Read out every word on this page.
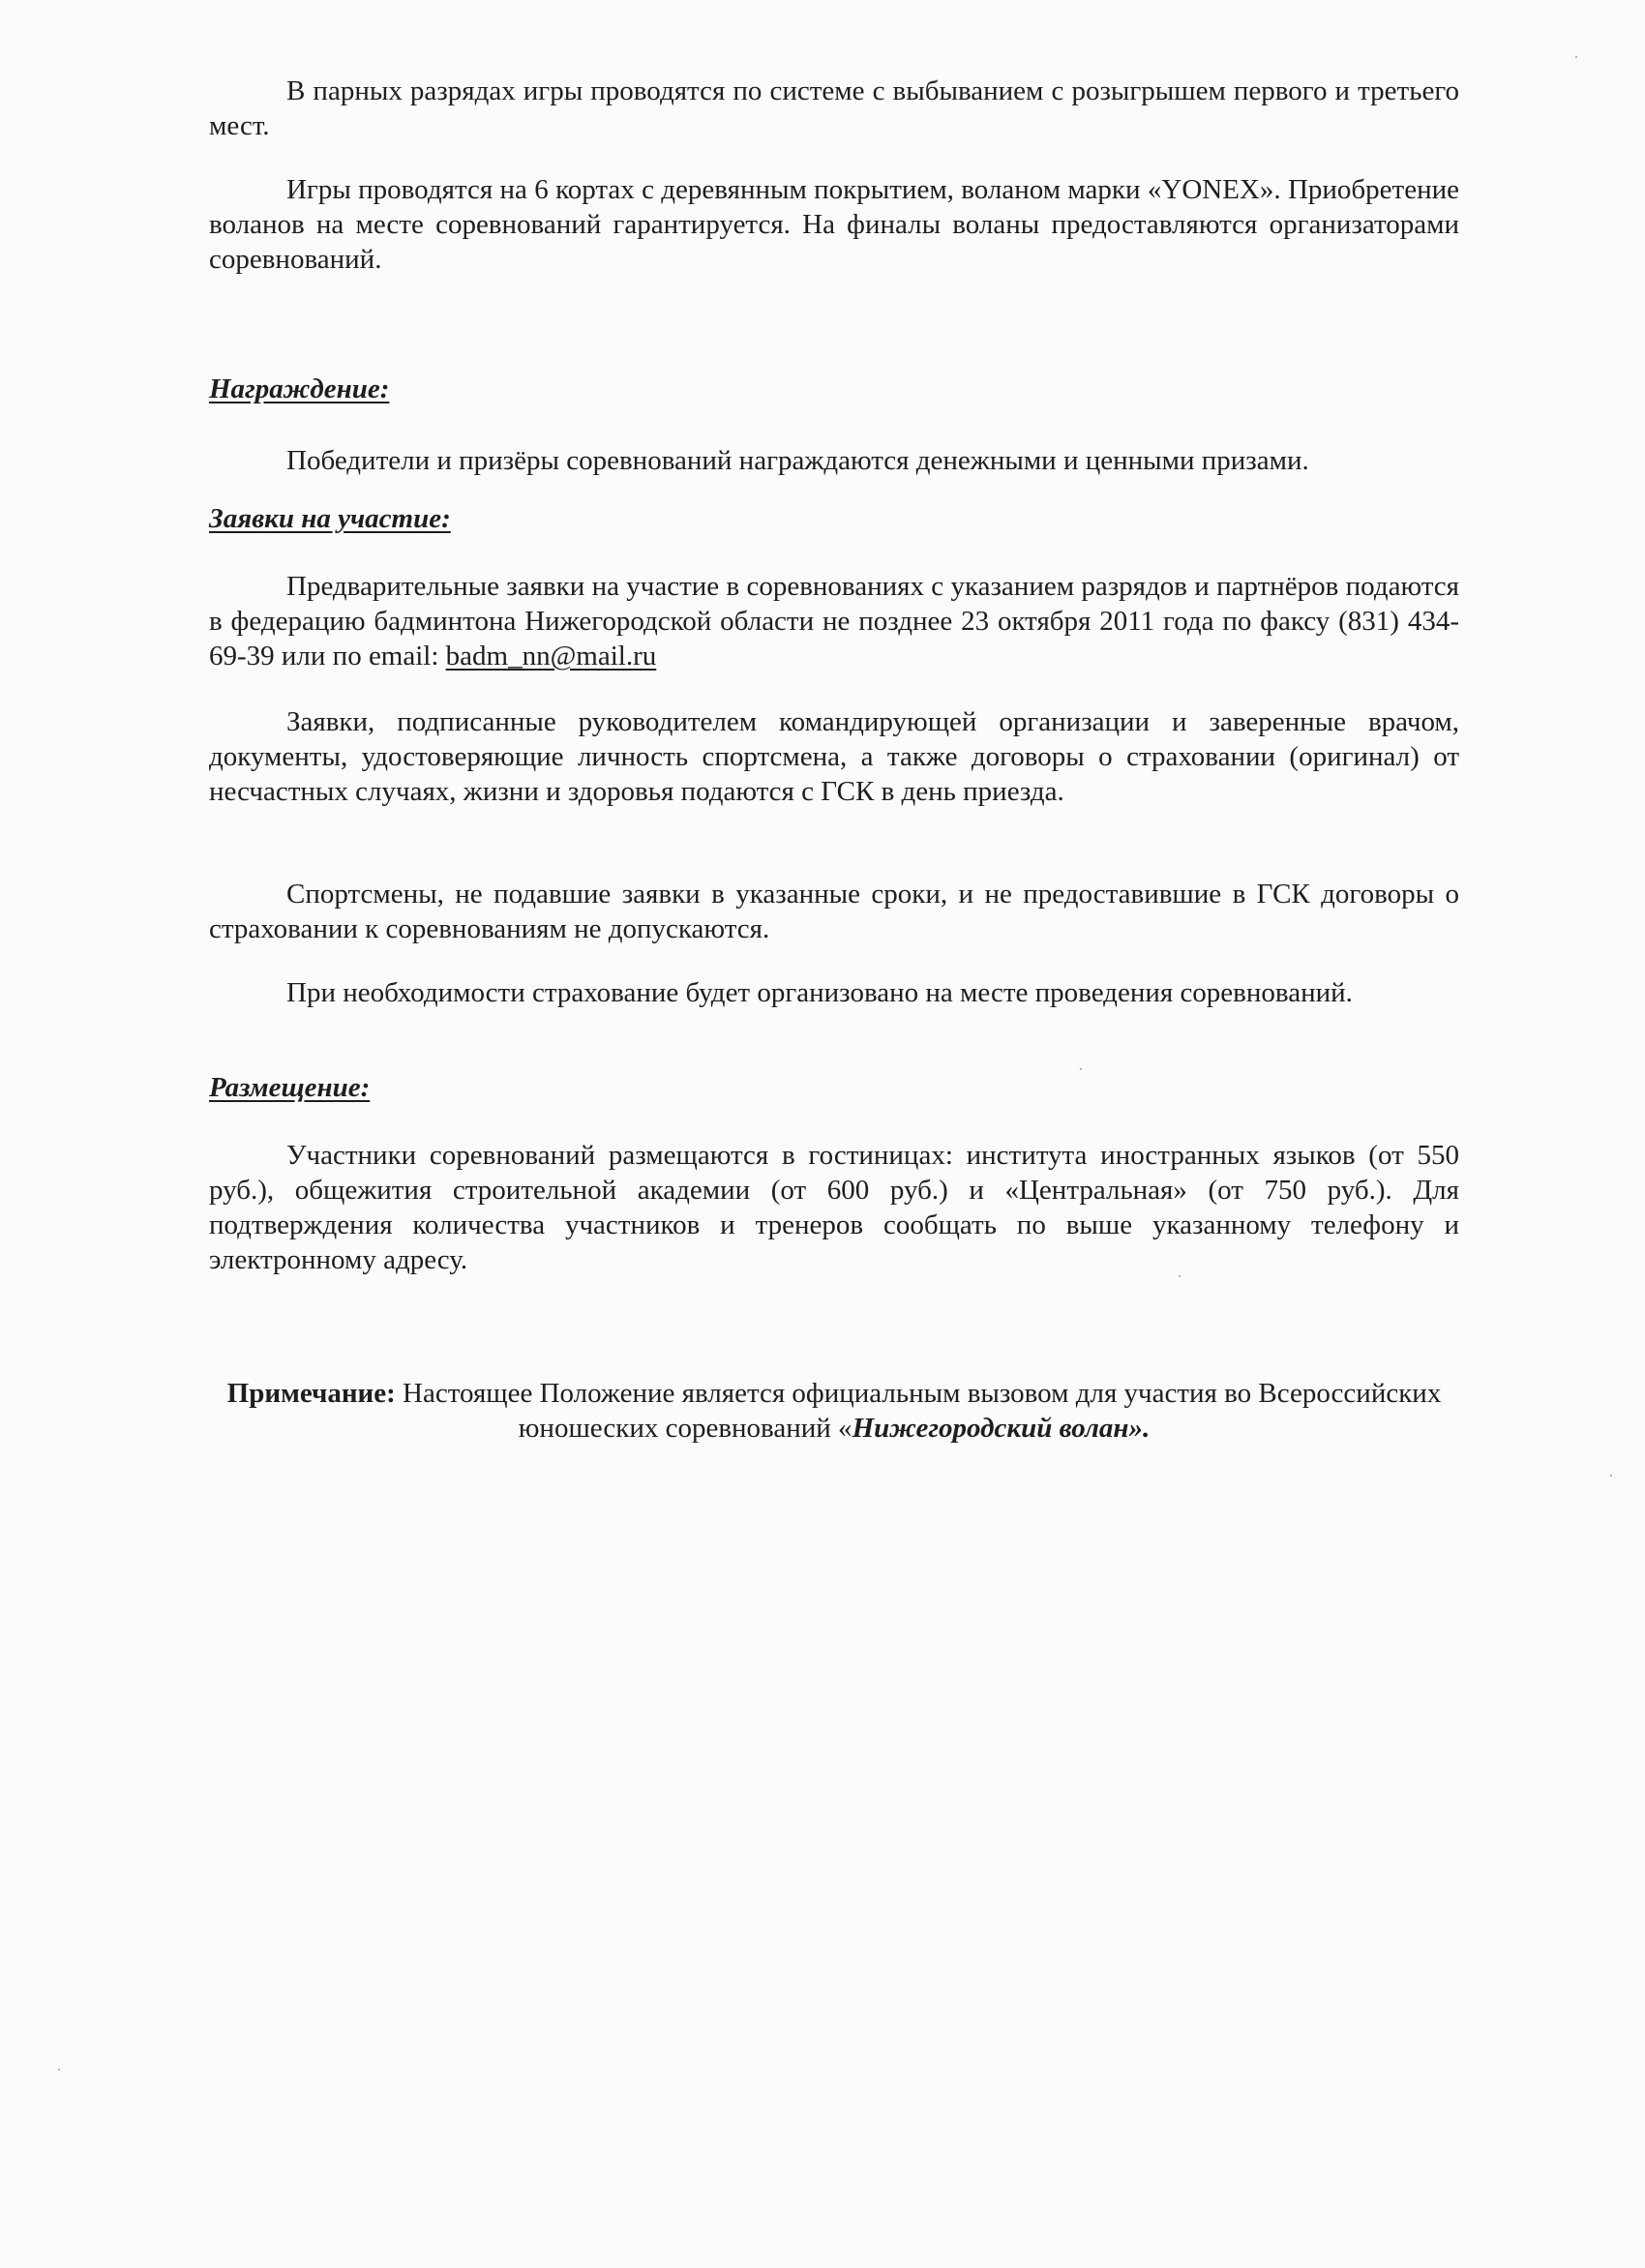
В парных разрядах игры проводятся по системе с выбыванием с розыгрышем первого и третьего мест.

Игры проводятся на 6 кортах с деревянным покрытием, воланом марки «YONEX». Приобретение воланов на месте соревнований гарантируется. На финалы воланы предоставляются организаторами соревнований.

Награждение:

Победители и призёры соревнований награждаются денежными и ценными призами.

Заявки на участие:

Предварительные заявки на участие в соревнованиях с указанием разрядов и партнёров подаются в федерацию бадминтона Нижегородской области не позднее 23 октября 2011 года по факсу (831) 434-69-39 или по email: badm_nn@mail.ru

Заявки, подписанные руководителем командирующей организации и заверенные врачом, документы, удостоверяющие личность спортсмена, а также договоры о страховании (оригинал) от несчастных случаях, жизни и здоровья подаются с ГСК в день приезда.

Спортсмены, не подавшие заявки в указанные сроки, и не предоставившие в ГСК договоры о страховании к соревнованиям не допускаются.

При необходимости страхование будет организовано на месте проведения соревнований.

Размещение:

Участники соревнований размещаются в гостиницах: института иностранных языков (от 550 руб.), общежития строительной академии (от 600 руб.) и «Центральная» (от 750 руб.). Для подтверждения количества участников и тренеров сообщать по выше указанному телефону и электронному адресу.

Примечание: Настоящее Положение является официальным вызовом для участия во Всероссийских юношеских соревнований «Нижегородский волан».
